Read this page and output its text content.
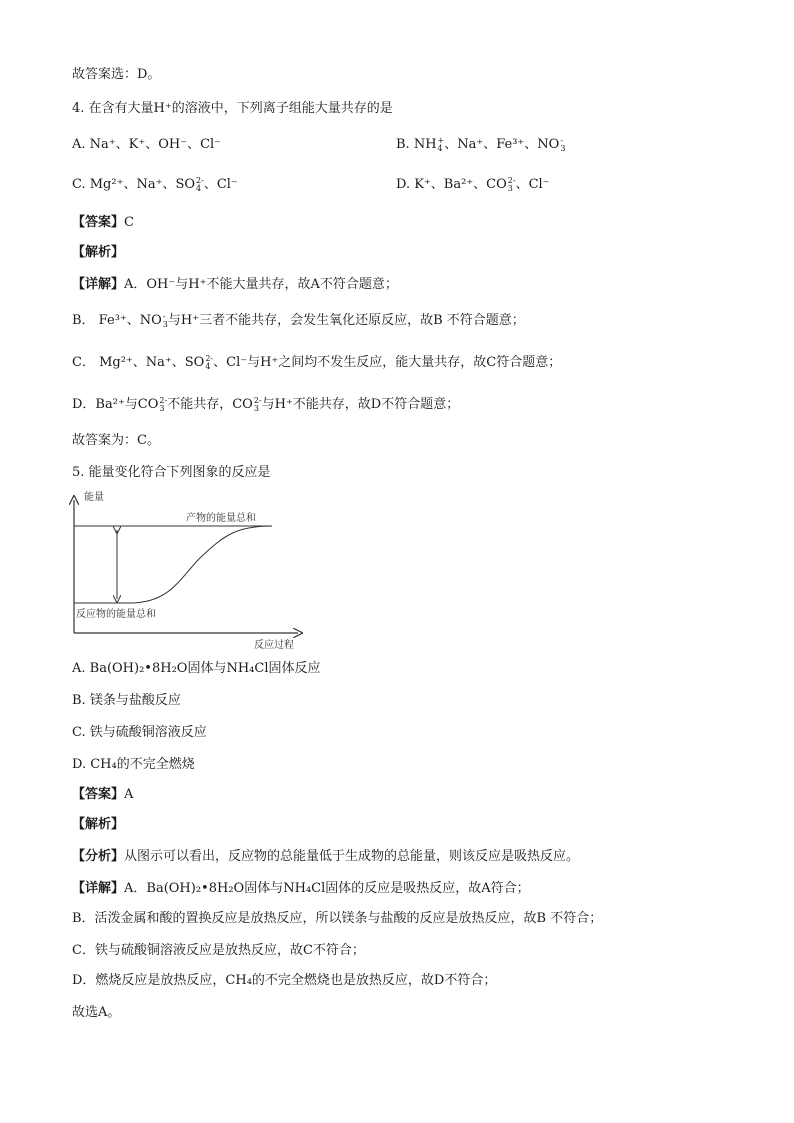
故答案选：D。
4. 在含有大量H⁺的溶液中，下列离子组能大量共存的是
A. Na⁺、K⁺、OH⁻、Cl⁻	B. NH +
4 、Na⁺、Fe³⁺、NO -
3
C. Mg²⁺、Na⁺、SO 2-
4 、Cl⁻	D. K⁺、Ba²⁺、CO 2-
3 、Cl⁻
【答案】C
【解析】
【详解】A．OH⁻与H⁺不能大量共存，故A不符合题意；
B． Fe³⁺、NO -
3 与H⁺三者不能共存，会发生氧化还原反应，故B 不符合题意；
C． Mg²⁺、Na⁺、SO 2-
4 、Cl⁻与H⁺之间均不发生反应，能大量共存，故C符合题意；
D．Ba²⁺与CO 2-
3 不能共存，CO 2-
3 与H⁺不能共存，故D不符合题意；
故答案为：C。
5. 能量变化符合下列图象的反应是
能量
反应过程
产物的能量总和
反应物的能量总和
A. Ba(OH)₂•8H₂O固体与NH₄Cl固体反应
B. 镁条与盐酸反应
C. 铁与硫酸铜溶液反应
D. CH₄的不完全燃烧
【答案】A
【解析】
【分析】从图示可以看出，反应物的总能量低于生成物的总能量，则该反应是吸热反应。
【详解】A．Ba(OH)₂•8H₂O固体与NH₄Cl固体的反应是吸热反应，故A符合；
B．活泼金属和酸的置换反应是放热反应，所以镁条与盐酸的反应是放热反应，故B 不符合；
C．铁与硫酸铜溶液反应是放热反应，故C不符合；
D．燃烧反应是放热反应，CH₄的不完全燃烧也是放热反应，故D不符合；
故选A。
